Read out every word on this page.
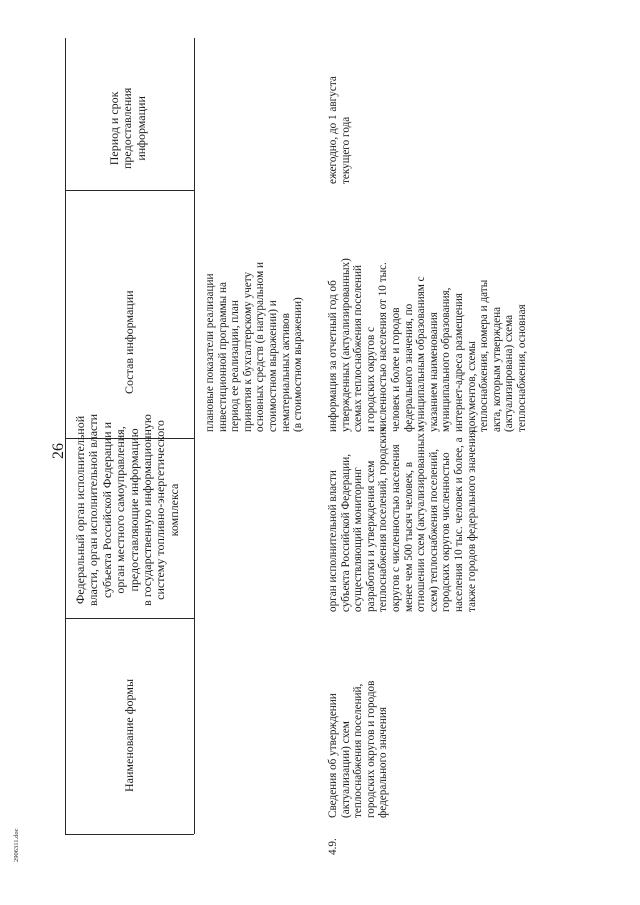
26
2906311.doc
Наименование формы
Федеральный орган исполнительной
власти, орган исполнительной власти
субъекта Российской Федерации и
орган местного самоуправления,
предоставляющие информацию
в государственную информационную
систему топливно-энергетического
комплекса
Состав информации
Период и срок
предоставления
информации
плановые показатели реализации
инвестиционной программы на
период ее реализации, план
принятия к бухгалтерскому учету
основных средств (в натуральном и
стоимостном выражении) и
нематериальных активов
(в стоимостном выражении)
4.9.
Сведения об утверждении
(актуализации) схем
теплоснабжения поселений,
городских округов и городов
федерального значения
орган исполнительной власти
субъекта Российской Федерации,
осуществляющий мониторинг
разработки и утверждения схем
теплоснабжения поселений, городских
округов с численностью населения
менее чем 500 тысяч человек, в
отношении схем (актуализированных
схем) теплоснабжения поселений,
городских округов численностью
населения 10 тыс. человек и более, а
также городов федерального значения
информация за отчетный год об
утвержденных (актуализированных)
схемах теплоснабжения поселений
и городских округов с
численностью населения от 10 тыс.
человек и более и городов
федерального значения, по
муниципальным образованиям с
указанием наименования
муниципального образования,
интернет-адреса размещения
документов, схемы
теплоснабжения, номера и даты
акта, которым утверждена
(актуализирована) схема
теплоснабжения, основная
ежегодно, до 1 августа
текущего года
